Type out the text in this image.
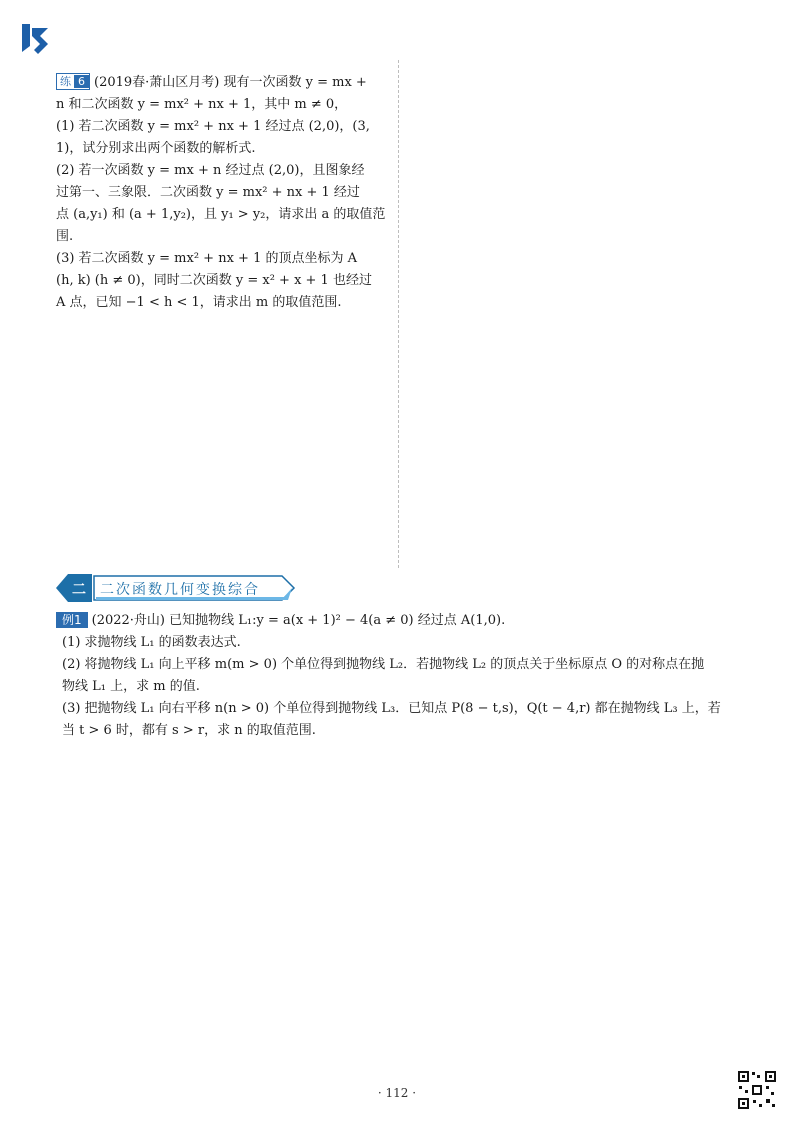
练 6 (2019春·萧山区月考) 现有一次函数 y = mx +

n 和二次函数 y = mx² + nx + 1，其中 m ≠ 0，

(1) 若二次函数 y = mx² + nx + 1 经过点 (2,0)，(3,

1)，试分别求出两个函数的解析式.

(2) 若一次函数 y = mx + n 经过点 (2,0)，且图象经

过第一、三象限．二次函数 y = mx² + nx + 1 经过

点 (a,y₁) 和 (a + 1,y₂)，且 y₁ > y₂，请求出 a 的取值范

围.

(3) 若二次函数 y = mx² + nx + 1 的顶点坐标为 A

(h, k) (h ≠ 0)，同时二次函数 y = x² + x + 1 也经过

A 点，已知 −1 < h < 1，请求出 m 的取值范围.

二 二次函数几何变换综合

例1 (2022·舟山) 已知抛物线 L₁:y = a(x + 1)² − 4(a ≠ 0) 经过点 A(1,0).

(1) 求抛物线 L₁ 的函数表达式.

(2) 将抛物线 L₁ 向上平移 m(m > 0) 个单位得到抛物线 L₂．若抛物线 L₂ 的顶点关于坐标原点 O 的对称点在抛

物线 L₁ 上，求 m 的值.

(3) 把抛物线 L₁ 向右平移 n(n > 0) 个单位得到抛物线 L₃．已知点 P(8 − t,s)，Q(t − 4,r) 都在抛物线 L₃ 上，若

当 t > 6 时，都有 s > r，求 n 的取值范围.

· 112 ·
